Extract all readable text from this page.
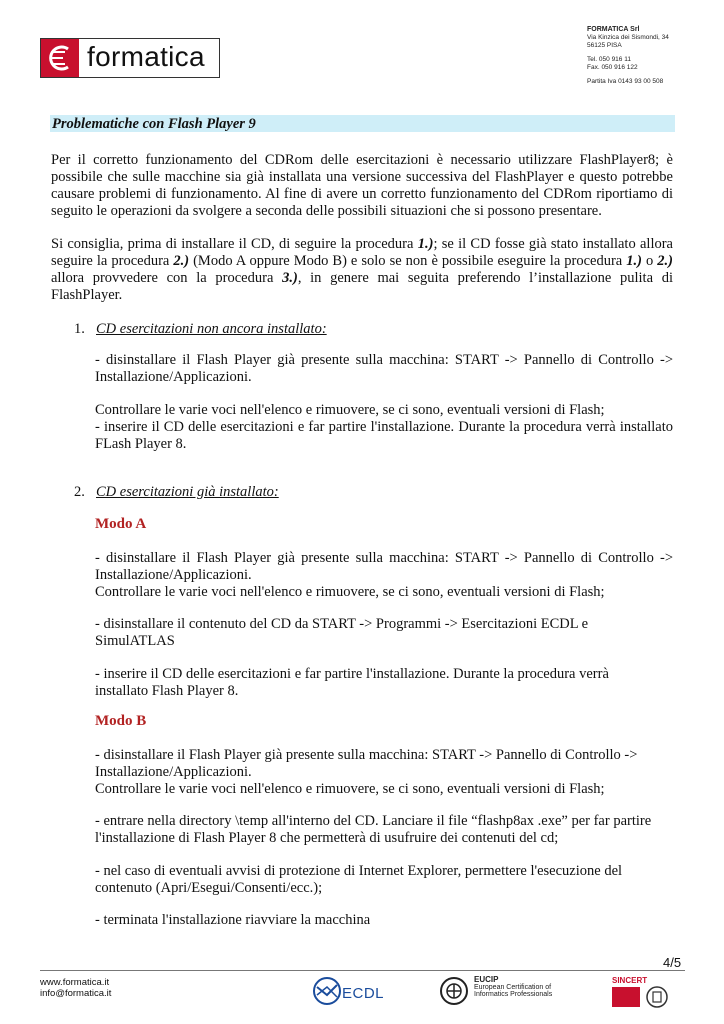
formatica
FORMATICA Srl
Via Kinzica dei Sismondi, 34
56125 PISA
Tel. 050 916 11
Fax. 050 916 122
Partita Iva 0143 93 00 508
Problematiche con Flash Player 9
Per il corretto funzionamento del CDRom delle esercitazioni è necessario utilizzare FlashPlayer8; è possibile che sulle macchine sia già installata una versione successiva del FlashPlayer e questo potrebbe causare problemi di funzionamento. Al fine di avere un corretto funzionamento del CDRom riportiamo di seguito le operazioni da svolgere a seconda delle possibili situazioni che si possono presentare.
Si consiglia, prima di installare il CD, di seguire la procedura 1.); se il CD fosse già stato installato allora seguire la procedura 2.) (Modo A oppure Modo B) e solo se non è possibile eseguire la procedura 1.) o 2.) allora provvedere con la procedura 3.), in genere mai seguita preferendo l’installazione pulita di FlashPlayer.
1. CD esercitazioni non ancora installato:
- disinstallare il Flash Player già presente sulla macchina: START -> Pannello di Controllo -> Installazione/Applicazioni.
Controllare le varie voci nell'elenco e rimuovere, se ci sono, eventuali versioni di Flash;
- inserire il CD delle esercitazioni e far partire l'installazione. Durante la procedura verrà installato FLash Player 8.
2. CD esercitazioni già installato:
Modo A
- disinstallare il Flash Player già presente sulla macchina: START -> Pannello di Controllo -> Installazione/Applicazioni.
Controllare le varie voci nell'elenco e rimuovere, se ci sono, eventuali versioni di Flash;
- disinstallare il contenuto del CD da START -> Programmi -> Esercitazioni ECDL e
SimulATLAS
- inserire il CD delle esercitazioni e far partire l'installazione. Durante la procedura verrà
installato Flash Player 8.
Modo B
- disinstallare il Flash Player già presente sulla macchina: START -> Pannello di Controllo ->
Installazione/Applicazioni.
Controllare le varie voci nell'elenco e rimuovere, se ci sono, eventuali versioni di Flash;
- entrare nella directory \temp all'interno del CD. Lanciare il file “flashp8ax .exe” per far partire
l'installazione di Flash Player 8 che permetterà di usufruire dei contenuti del cd;
- nel caso di eventuali avvisi di protezione di Internet Explorer, permettere l'esecuzione del
contenuto (Apri/Esegui/Consenti/ecc.);
- terminata l'installazione riavviare la macchina
4/5
www.formatica.it
info@formatica.it	ECDL
EUCIP
European Certification of
Informatics Professionals
SINCERT
